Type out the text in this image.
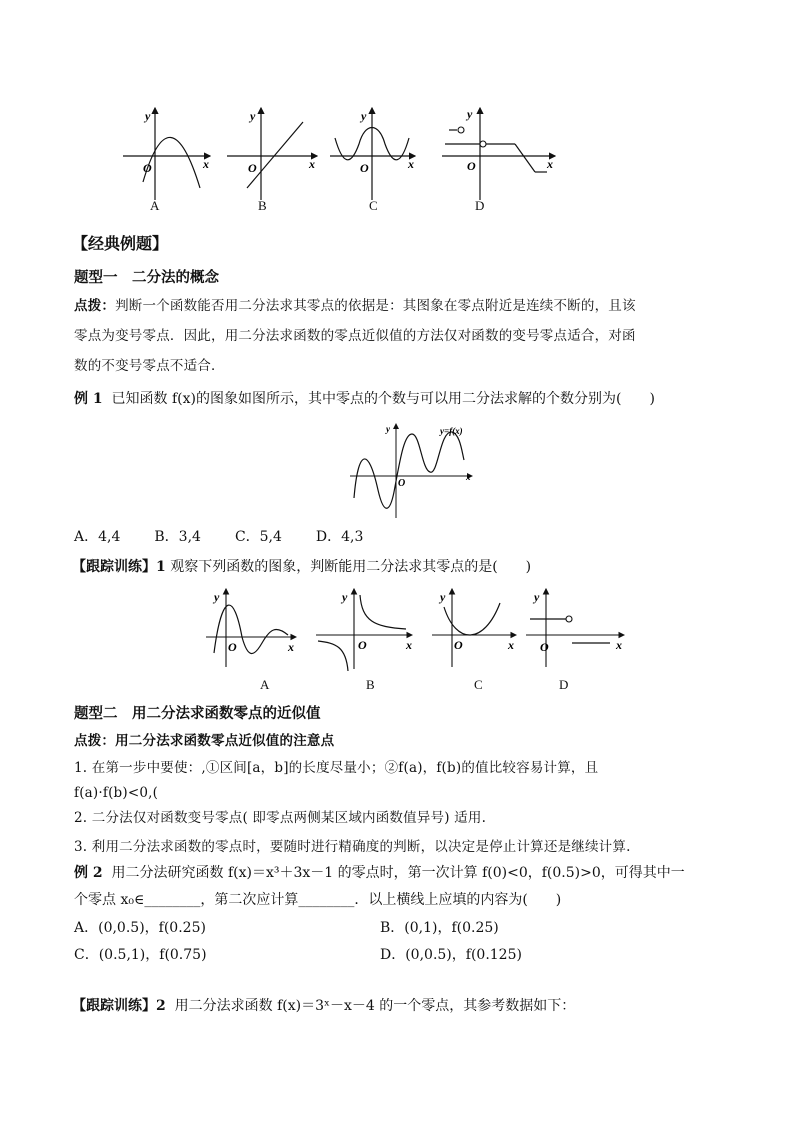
y
x
O
y
x
O
y
x
O
y
x
O
A	B	C	D
【经典例题】
题型一　二分法的概念
点拨：判断一个函数能否用二分法求其零点的依据是：其图象在零点附近是连续不断的，且该
零点为变号零点．因此，用二分法求函数的零点近似值的方法仅对函数的变号零点适合，对函
数的不变号零点不适合．
例 1 已知函数 f(x)的图象如图所示，其中零点的个数与可以用二分法求解的个数分别为(　　)
y
x
O
y=f(x)
A．4,4 B．3,4 C．5,4 D．4,3
【跟踪训练】1 观察下列函数的图象，判断能用二分法求其零点的是(　　)
y
x
O
y
x
O
y
x
O
y
x
O
A	B	C	D
题型二　用二分法求函数零点的近似值
点拨：用二分法求函数零点近似值的注意点
1. 在第一步中要使：,①区间[a，b]的长度尽量小；②f(a)，f(b)的值比较容易计算，且
f(a)·f(b)<0,(
2. 二分法仅对函数变号零点( 即零点两侧某区域内函数值异号) 适用.
3. 利用二分法求函数的零点时，要随时进行精确度的判断，以决定是停止计算还是继续计算.
例 2 用二分法研究函数 f(x)＝x³＋3x－1 的零点时，第一次计算 f(0)<0，f(0.5)>0，可得其中一
个零点 x₀∈________，第二次应计算________．以上横线上应填的内容为(　　)
A．(0,0.5)，f(0.25)	B．(0,1)，f(0.25)
C．(0.5,1)，f(0.75)	D．(0,0.5)，f(0.125)
【跟踪训练】2 用二分法求函数 f(x)＝3ˣ－x－4 的一个零点，其参考数据如下：
